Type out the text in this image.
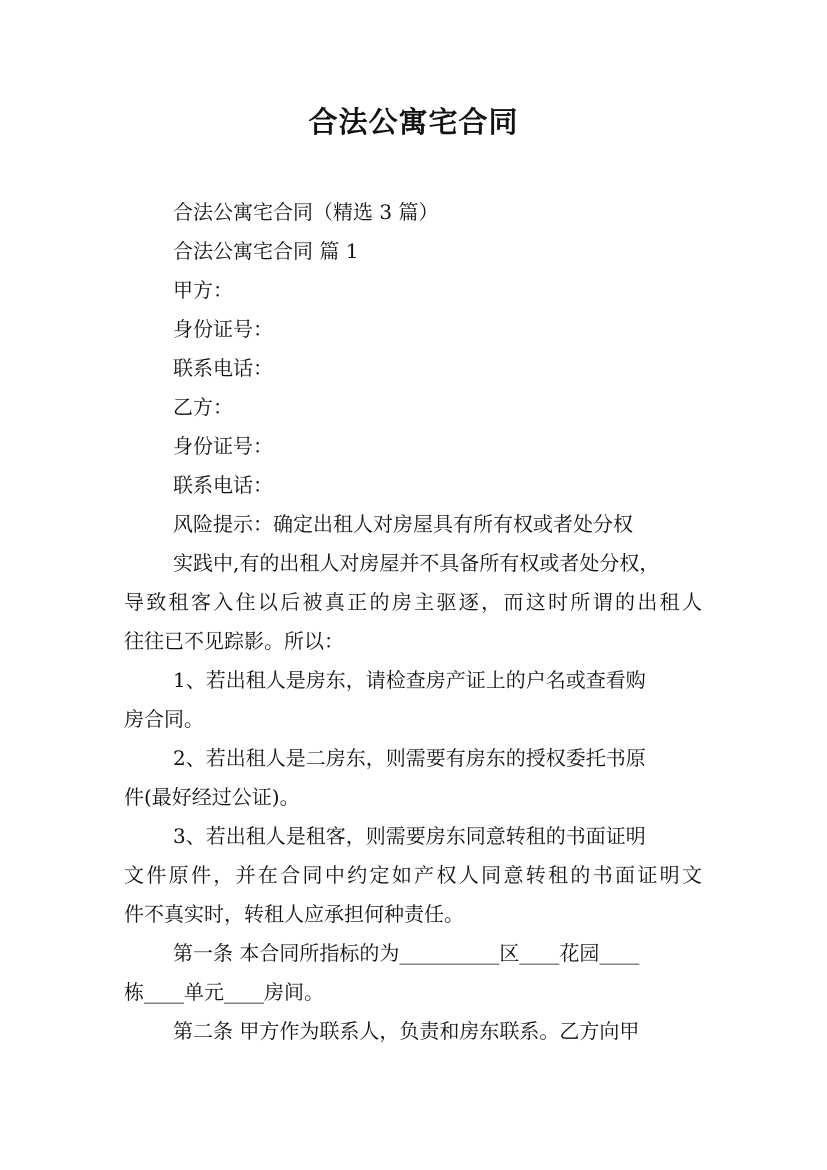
合法公寓宅合同
合法公寓宅合同（精选 3 篇）
合法公寓宅合同 篇 1
甲方：
身份证号：
联系电话：
乙方：
身份证号：
联系电话：
风险提示：确定出租人对房屋具有所有权或者处分权
实践中,有的出租人对房屋并不具备所有权或者处分权，
导致租客入住以后被真正的房主驱逐，而这时所谓的出租人
往往已不见踪影。所以：
1、若出租人是房东，请检查房产证上的户名或查看购
房合同。
2、若出租人是二房东，则需要有房东的授权委托书原
件(最好经过公证)。
3、若出租人是租客，则需要房东同意转租的书面证明
文件原件，并在合同中约定如产权人同意转租的书面证明文
件不真实时，转租人应承担何种责任。
第一条 本合同所指标的为__________区____花园____
栋____单元____房间。
第二条 甲方作为联系人，负责和房东联系。乙方向甲
